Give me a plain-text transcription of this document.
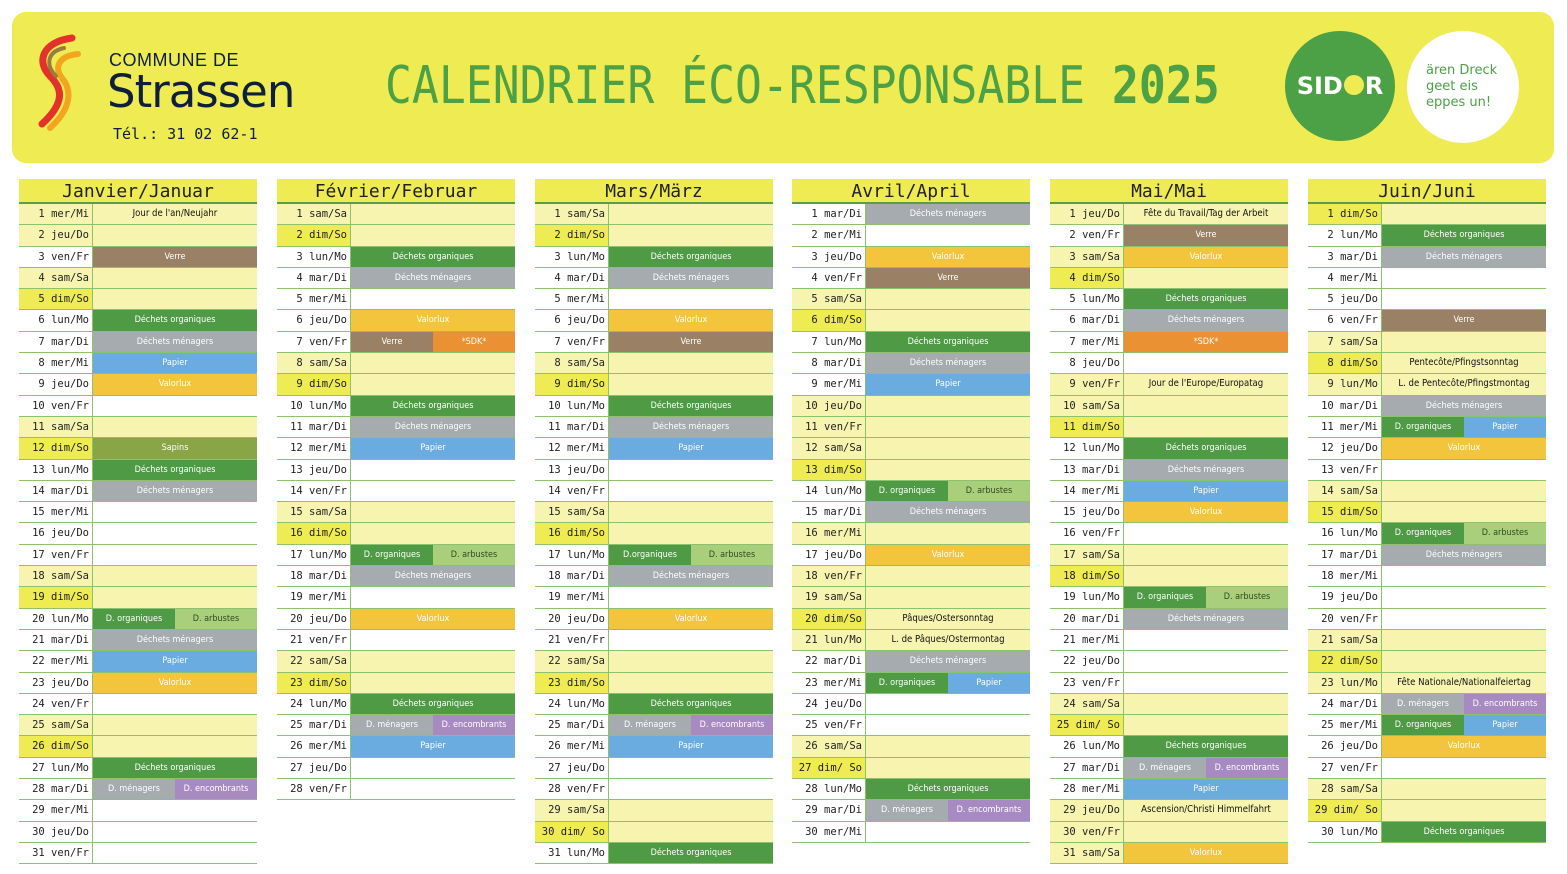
COMMUNE DE
Strassen
Tél.: 31 02 62-1
CALENDRIER ÉCO-RESPONSABLE 2025	SID R
ären Dreck geet eis eppes un!
Janvier/Januar
1 mer/Mi	Jour de l'an/Neujahr
2 jeu/Do
3 ven/Fr	Verre
4 sam/Sa
5 dim/So
6 lun/Mo	Déchets organiques
7 mar/Di	Déchets ménagers
8 mer/Mi	Papier
9 jeu/Do	Valorlux
10 ven/Fr
11 sam/Sa
12 dim/So	Sapins
13 lun/Mo	Déchets organiques
14 mar/Di	Déchets ménagers
15 mer/Mi
16 jeu/Do
17 ven/Fr
18 sam/Sa
19 dim/So
20 lun/Mo	D. organiques	D. arbustes
21 mar/Di	Déchets ménagers
22 mer/Mi	Papier
23 jeu/Do	Valorlux
24 ven/Fr
25 sam/Sa
26 dim/So
27 lun/Mo	Déchets organiques
28 mar/Di	D. ménagers	D. encombrants
29 mer/Mi
30 jeu/Do
31 ven/Fr
Février/Februar
1 sam/Sa
2 dim/So
3 lun/Mo	Déchets organiques
4 mar/Di	Déchets ménagers
5 mer/Mi
6 jeu/Do	Valorlux
7 ven/Fr	Verre	*SDK*
8 sam/Sa
9 dim/So
10 lun/Mo	Déchets organiques
11 mar/Di	Déchets ménagers
12 mer/Mi	Papier
13 jeu/Do
14 ven/Fr
15 sam/Sa
16 dim/So
17 lun/Mo	D. organiques	D. arbustes
18 mar/Di	Déchets ménagers
19 mer/Mi
20 jeu/Do	Valorlux
21 ven/Fr
22 sam/Sa
23 dim/So
24 lun/Mo	Déchets organiques
25 mar/Di	D. ménagers	D. encombrants
26 mer/Mi	Papier
27 jeu/Do
28 ven/Fr
Mars/März
1 sam/Sa
2 dim/So
3 lun/Mo	Déchets organiques
4 mar/Di	Déchets ménagers
5 mer/Mi
6 jeu/Do	Valorlux
7 ven/Fr	Verre
8 sam/Sa
9 dim/So
10 lun/Mo	Déchets organiques
11 mar/Di	Déchets ménagers
12 mer/Mi	Papier
13 jeu/Do
14 ven/Fr
15 sam/Sa
16 dim/So
17 lun/Mo	D.organiques	D. arbustes
18 mar/Di	Déchets ménagers
19 mer/Mi
20 jeu/Do	Valorlux
21 ven/Fr
22 sam/Sa
23 dim/So
24 lun/Mo	Déchets organiques
25 mar/Di	D. ménagers	D. encombrants
26 mer/Mi	Papier
27 jeu/Do
28 ven/Fr
29 sam/Sa
30 dim/ So
31 lun/Mo	Déchets organiques
Avril/April
1 mar/Di	Déchets ménagers
2 mer/Mi
3 jeu/Do	Valorlux
4 ven/Fr	Verre
5 sam/Sa
6 dim/So
7 lun/Mo	Déchets organiques
8 mar/Di	Déchets ménagers
9 mer/Mi	Papier
10 jeu/Do
11 ven/Fr
12 sam/Sa
13 dim/So
14 lun/Mo	D. organiques	D. arbustes
15 mar/Di	Déchets ménagers
16 mer/Mi
17 jeu/Do	Valorlux
18 ven/Fr
19 sam/Sa
20 dim/So	Pâques/Ostersonntag
21 lun/Mo	L. de Pâques/Ostermontag
22 mar/Di	Déchets ménagers
23 mer/Mi	D. organiques	Papier
24 jeu/Do
25 ven/Fr
26 sam/Sa
27 dim/ So
28 lun/Mo	Déchets organiques
29 mar/Di	D. ménagers	D. encombrants
30 mer/Mi
Mai/Mai
1 jeu/Do	Fête du Travail/Tag der Arbeit
2 ven/Fr	Verre
3 sam/Sa	Valorlux
4 dim/So
5 lun/Mo	Déchets organiques
6 mar/Di	Déchets ménagers
7 mer/Mi	*SDK*
8 jeu/Do
9 ven/Fr	Jour de l'Europe/Europatag
10 sam/Sa
11 dim/So
12 lun/Mo	Déchets organiques
13 mar/Di	Déchets ménagers
14 mer/Mi	Papier
15 jeu/Do	Valorlux
16 ven/Fr
17 sam/Sa
18 dim/So
19 lun/Mo	D. organiques	D. arbustes
20 mar/Di	Déchets ménagers
21 mer/Mi
22 jeu/Do
23 ven/Fr
24 sam/Sa
25 dim/ So
26 lun/Mo	Déchets organiques
27 mar/Di	D. ménagers	D. encombrants
28 mer/Mi	Papier
29 jeu/Do	Ascension/Christi Himmelfahrt
30 ven/Fr
31 sam/Sa	Valorlux
Juin/Juni
1 dim/So
2 lun/Mo	Déchets organiques
3 mar/Di	Déchets ménagers
4 mer/Mi
5 jeu/Do
6 ven/Fr	Verre
7 sam/Sa
8 dim/So	Pentecôte/Pfingstsonntag
9 lun/Mo	L. de Pentecôte/Pfingstmontag
10 mar/Di	Déchets ménagers
11 mer/Mi	D. organiques	Papier
12 jeu/Do	Valorlux
13 ven/Fr
14 sam/Sa
15 dim/So
16 lun/Mo	D. organiques	D. arbustes
17 mar/Di	Déchets ménagers
18 mer/Mi
19 jeu/Do
20 ven/Fr
21 sam/Sa
22 dim/So
23 lun/Mo	Fête Nationale/Nationalfeiertag
24 mar/Di	D. ménagers	D. encombrants
25 mer/Mi	D. organiques	Papier
26 jeu/Do	Valorlux
27 ven/Fr
28 sam/Sa
29 dim/ So
30 lun/Mo	Déchets organiques
